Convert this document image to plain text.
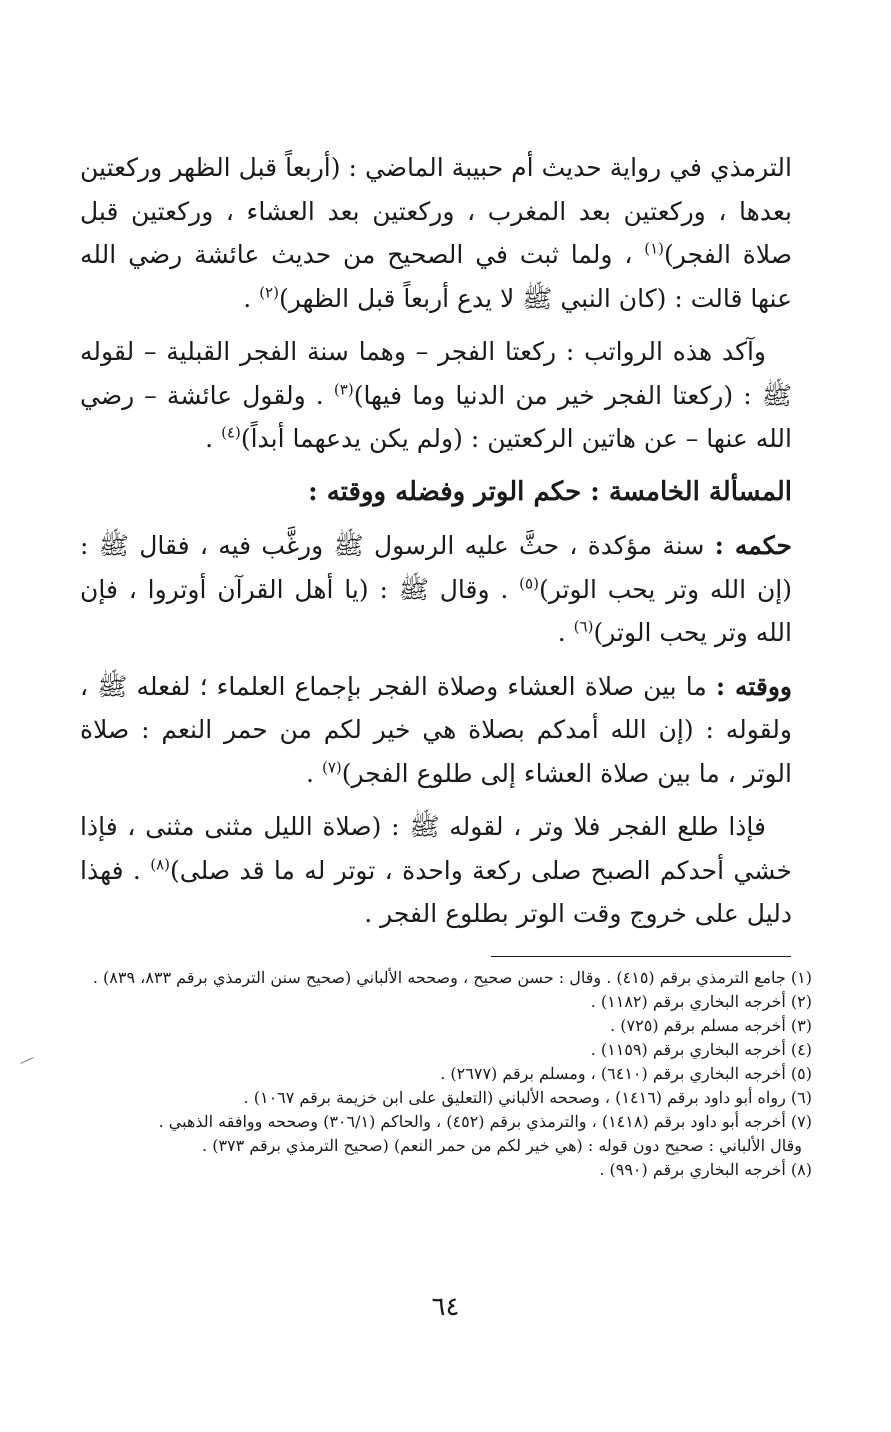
الترمذي في رواية حديث أم حبيبة الماضي : (أربعاً قبل الظهر وركعتين بعدها ، وركعتين بعد المغرب ، وركعتين بعد العشاء ، وركعتين قبل صلاة الفجر)$^{(١)}$ ، ولما ثبت في الصحيح من حديث عائشة رضي الله عنها قالت : (كان النبي ﷺ لا يدع أربعاً قبل الظهر)$^{(٢)}$ .

وآكد هذه الرواتب : ركعتا الفجر – وهما سنة الفجر القبلية – لقوله ﷺ : (ركعتا الفجر خير من الدنيا وما فيها)$^{(٣)}$ . ولقول عائشة – رضي الله عنها – عن هاتين الركعتين : (ولم يكن يدعهما أبداً)$^{(٤)}$ .

المسألة الخامسة : حكم الوتر وفضله ووقته :

حكمه : سنة مؤكدة ، حثَّ عليه الرسول ﷺ ورغَّب فيه ، فقال ﷺ : (إن الله وتر يحب الوتر)$^{(٥)}$ . وقال ﷺ : (يا أهل القرآن أوتروا ، فإن الله وتر يحب الوتر)$^{(٦)}$ .

ووقته : ما بين صلاة العشاء وصلاة الفجر بإجماع العلماء ؛ لفعله ﷺ ، ولقوله : (إن الله أمدكم بصلاة هي خير لكم من حمر النعم : صلاة الوتر ، ما بين صلاة العشاء إلى طلوع الفجر)$^{(٧)}$ .

فإذا طلع الفجر فلا وتر ، لقوله ﷺ : (صلاة الليل مثنى مثنى ، فإذا خشي أحدكم الصبح صلى ركعة واحدة ، توتر له ما قد صلى)$^{(٨)}$ . فهذا دليل على خروج وقت الوتر بطلوع الفجر .

(١) جامع الترمذي برقم (٤١٥) . وقال : حسن صحيح ، وصححه الألباني (صحيح سنن الترمذي برقم ٨٣٣، ٨٣٩) .

(٢) أخرجه البخاري برقم (١١٨٢) .

(٣) أخرجه مسلم برقم (٧٢٥) .

(٤) أخرجه البخاري برقم (١١٥٩) .

(٥) أخرجه البخاري برقم (٦٤١٠) ، ومسلم برقم (٢٦٧٧) .

(٦) رواه أبو داود برقم (١٤١٦) ، وصححه الألباني (التعليق على ابن خزيمة برقم ١٠٦٧) .

(٧) أخرجه أبو داود برقم (١٤١٨) ، والترمذي برقم (٤٥٢) ، والحاكم (٣٠٦/١) وصححه ووافقه الذهبي .

وقال الألباني : صحيح دون قوله : (هي خير لكم من حمر النعم) (صحيح الترمذي برقم ٣٧٣) .

(٨) أخرجه البخاري برقم (٩٩٠) .

٦٤
